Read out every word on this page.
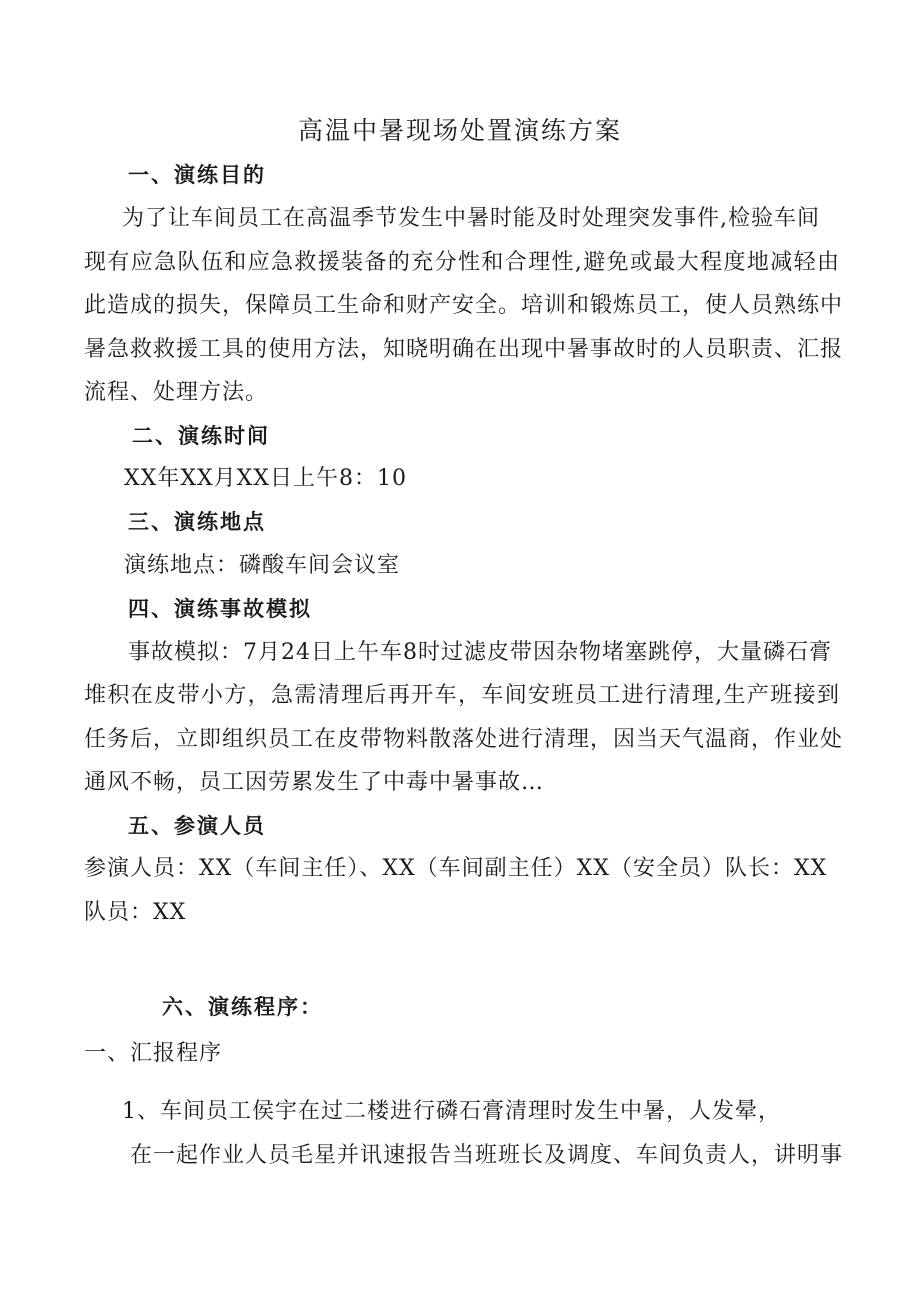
高温中暑现场处置演练方案
一、演练目的
为了让车间员工在高温季节发生中暑时能及时处理突发事件,检验车间
现有应急队伍和应急救援装备的充分性和合理性,避免或最大程度地减轻由
此造成的损失，保障员工生命和财产安全。培训和锻炼员工，使人员熟练中
暑急救救援工具的使用方法，知晓明确在出现中暑事故时的人员职责、汇报
流程、处理方法。
二、演练时间
XX年XX月XX日上午8：10
三、演练地点
演练地点：磷酸车间会议室
四、演练事故模拟
事故模拟：7月24日上午车8时过滤皮带因杂物堵塞跳停，大量磷石膏
堆积在皮带小方，急需清理后再开车，车间安班员工进行清理,生产班接到
任务后，立即组织员工在皮带物料散落处进行清理，因当天气温商，作业处
通风不畅，员工因劳累发生了中毒中暑事故…
五、参演人员
参演人员：XX（车间主任）、XX（车间副主任）XX（安全员）队长：XX
队员：XX
六、演练程序：
一、汇报程序
1、车间员工侯宇在过二楼进行磷石膏清理时发生中暑，人发晕，
在一起作业人员毛星并讯速报告当班班长及调度、车间负责人，讲明事
